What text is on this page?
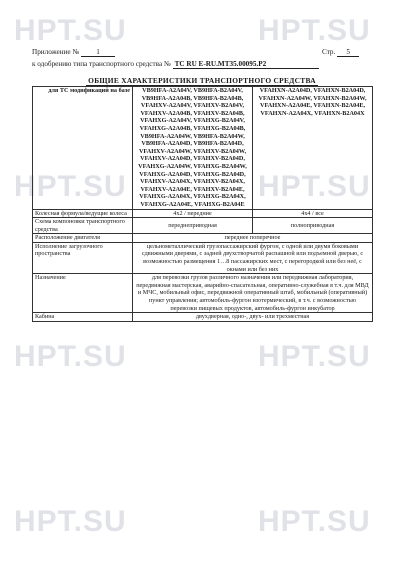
HPT.SU	HPT.SU
HPT.SU	HPT.SU
HPT.SU	HPT.SU
HPT.SU	HPT.SU
Приложение № 1	Стр. 5
к одобрению типа транспортного средства № TC RU E-RU.MT35.00095.P2
ОБЩИЕ ХАРАКТЕРИСТИКИ ТРАНСПОРТНОГО СРЕДСТВА
для ТС модификаций на базе	VB9HFA-A2A04V, VB9HFA-B2A04V, VB9HFA-A2A04B, VB9HFA-B2A04B, VFAHXV-A2A04V, VFAHXV-B2A04V, VFAHXV-A2A04B, VFAHXV-B2A04B, VFAHXG-A2A04V, VFAHXG-B2A04V, VFAHXG-A2A04B, VFAHXG-B2A04B, VB9HFA-A2A04W, VB9HFA-B2A04W, VB9HFA-A2A04D, VB9HFA-B2A04D, VFAHXV-A2A04W, VFAHXV-B2A04W, VFAHXV-A2A04D, VFAHXV-B2A04D, VFAHXG-A2A04W, VFAHXG-B2A04W, VFAHXG-A2A04D, VFAHXG-B2A04D, VFAHXV-A2A04X, VFAHXV-B2A04X, VFAHXV-A2A04E, VFAHXV-B2A04E, VFAHXG-A2A04X, VFAHXG-B2A04X, VFAHXG-A2A04E, VFAHXG-B2A04E	VFAHXN-A2A04D, VFAHXN-B2A04D, VFAHXN-A2A04W, VFAHXN-B2A04W, VFAHXN-A2A04E, VFAHXN-B2A04E, VFAHXN-A2A04X, VFAHXN-B2A04X
Колесная формула/ведущие колеса	4x2 / передние	4x4 / все
Схема компоновки транспортного средства	переднеприводная	полноприводная
Расположение двигателя	переднее поперечное	
Исполнение загрузочного пространства	цельнометаллический грузопассажирский фургон, с одной или двумя боковыми сдвижными дверями, с задней двухстворчатой распашной или подъемной дверью, с возможностью размещения 1…8 пассажирских мест, с перегородкой или без неё, с окнами или без них	
Назначение	для перевозки грузов различного назначения или передвижная лаборатория, передвижная мастерская, аварийно-спасательная, оперативно-служебная в т.ч. для МВД и МЧС, мобильный офис, передвижной оперативный штаб, мобильный (оперативный) пункт управления; автомобиль-фургон изотермический, в т.ч. с возможностью перевозки пищевых продуктов, автомобиль-фургон инкубатор	
Кабина	двухдверная, одно-, двух- или трехместная	
